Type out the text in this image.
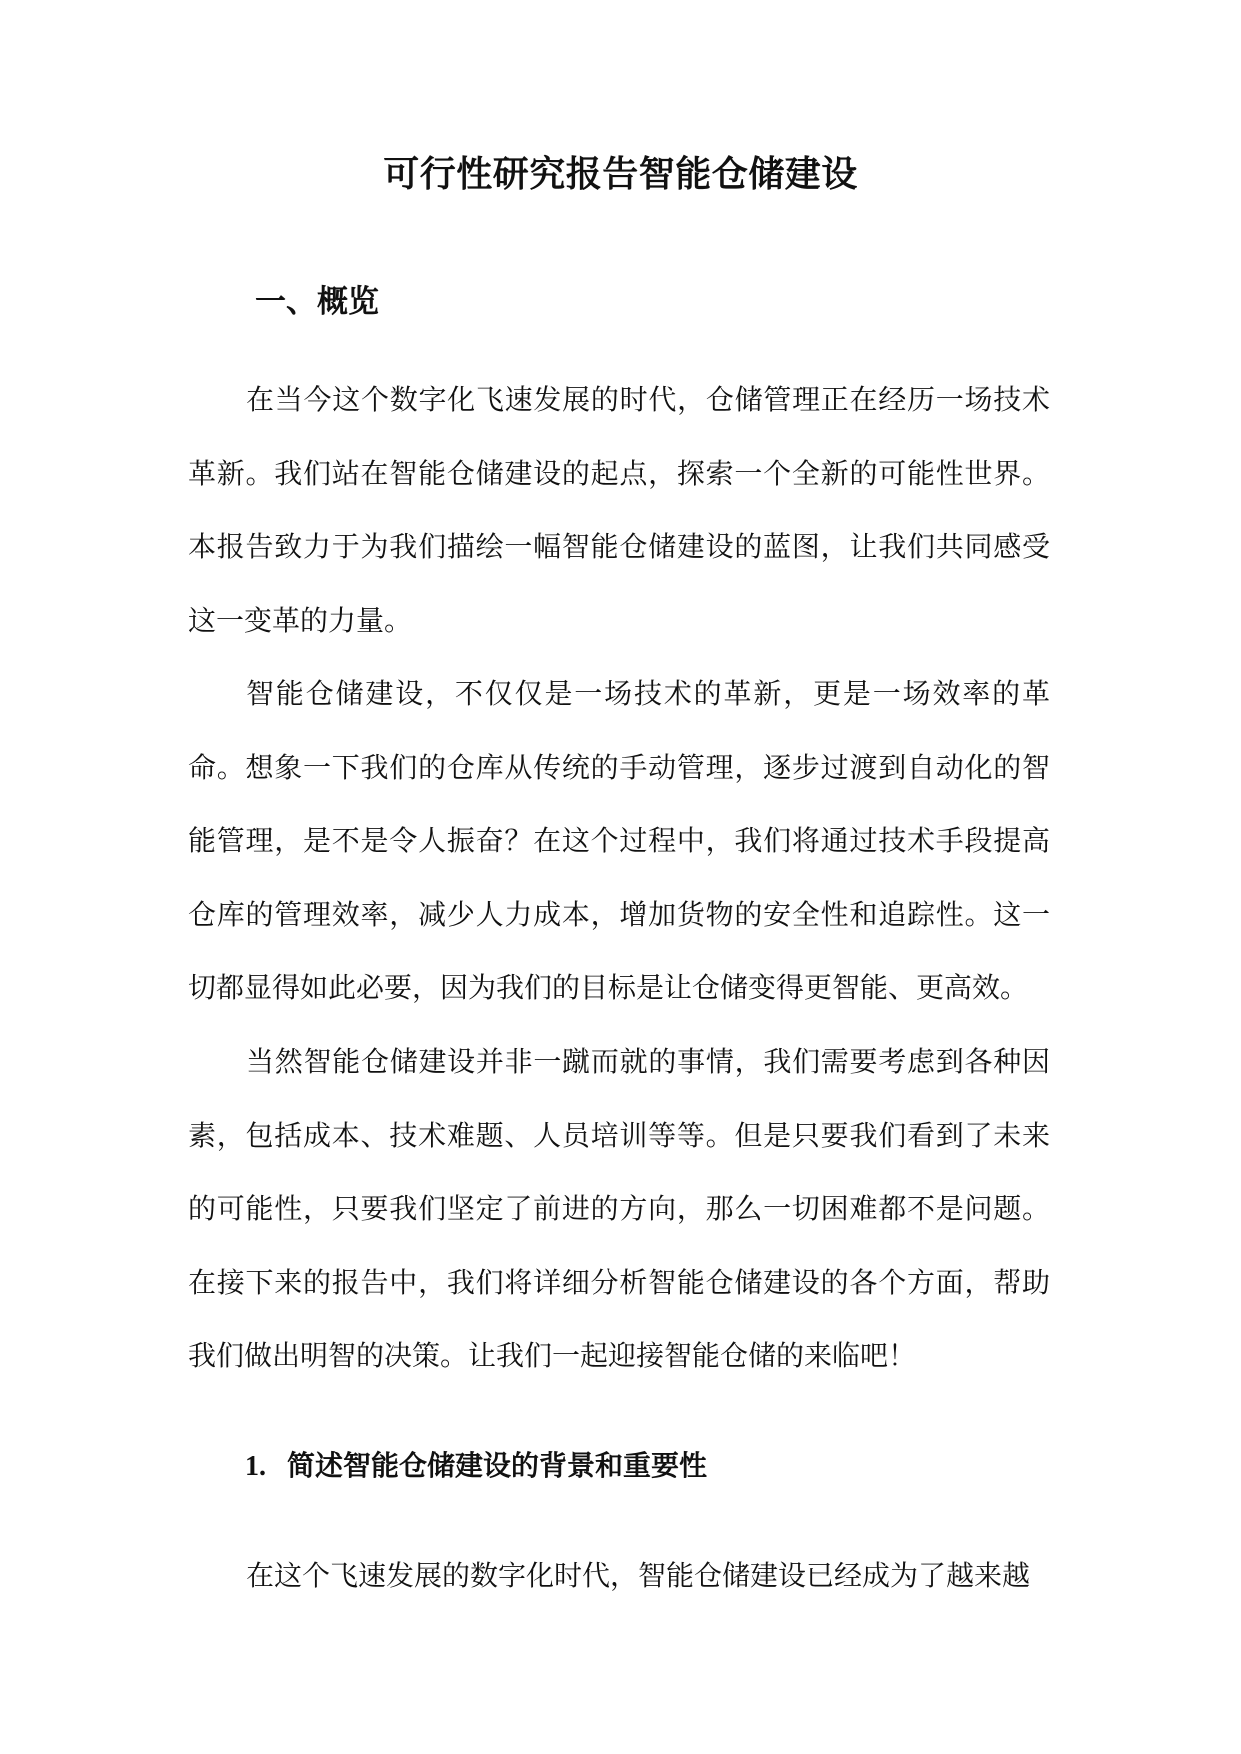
可行性研究报告智能仓储建设
一、概览

在当今这个数字化飞速发展的时代，仓储管理正在经历一场技术革新。我们站在智能仓储建设的起点，探索一个全新的可能性世界。本报告致力于为我们描绘一幅智能仓储建设的蓝图，让我们共同感受这一变革的力量。

智能仓储建设，不仅仅是一场技术的革新，更是一场效率的革命。想象一下我们的仓库从传统的手动管理，逐步过渡到自动化的智能管理，是不是令人振奋？在这个过程中，我们将通过技术手段提高仓库的管理效率，减少人力成本，增加货物的安全性和追踪性。这一切都显得如此必要，因为我们的目标是让仓储变得更智能、更高效。

当然智能仓储建设并非一蹴而就的事情，我们需要考虑到各种因素，包括成本、技术难题、人员培训等等。但是只要我们看到了未来的可能性，只要我们坚定了前进的方向，那么一切困难都不是问题。在接下来的报告中，我们将详细分析智能仓储建设的各个方面，帮助我们做出明智的决策。让我们一起迎接智能仓储的来临吧！

1. 简述智能仓储建设的背景和重要性

在这个飞速发展的数字化时代，智能仓储建设已经成为了越来越
